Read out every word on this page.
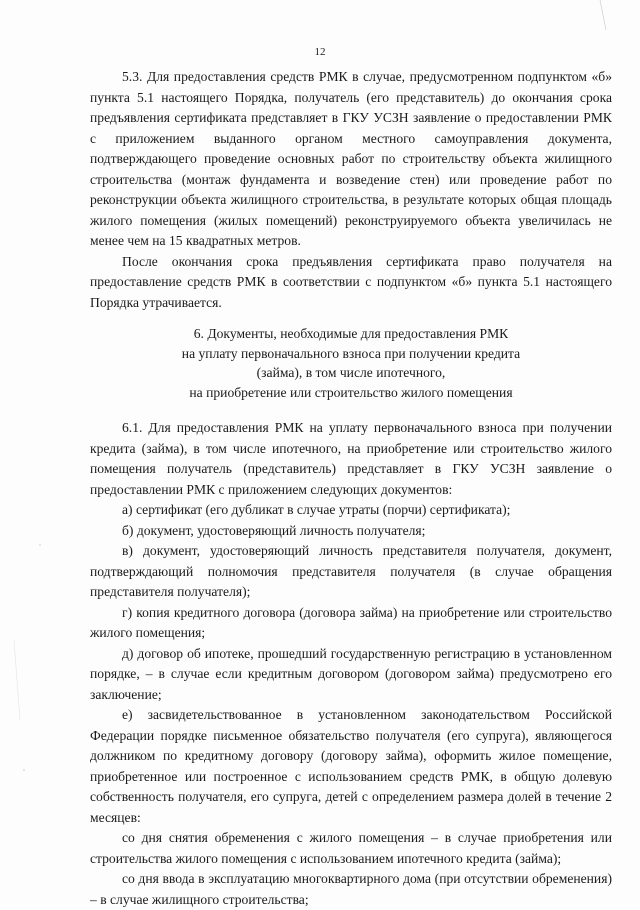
12

5.3. Для предоставления средств РМК в случае, предусмотренном подпунктом «б» пункта 5.1 настоящего Порядка, получатель (его представитель) до окончания срока предъявления сертификата представляет в ГКУ УСЗН заявление о предоставлении РМК с приложением выданного органом местного самоуправления документа, подтверждающего проведение основных работ по строительству объекта жилищного строительства (монтаж фундамента и возведение стен) или проведение работ по реконструкции объекта жилищного строительства, в результате которых общая площадь жилого помещения (жилых помещений) реконструируемого объекта увеличилась не менее чем на 15 квадратных метров.

После окончания срока предъявления сертификата право получателя на предоставление средств РМК в соответствии с подпунктом «б» пункта 5.1 настоящего Порядка утрачивается.

6. Документы, необходимые для предоставления РМК
на уплату первоначального взноса при получении кредита
(займа), в том числе ипотечного,
на приобретение или строительство жилого помещения

6.1. Для предоставления РМК на уплату первоначального взноса при получении кредита (займа), в том числе ипотечного, на приобретение или строительство жилого помещения получатель (представитель) представляет в ГКУ УСЗН заявление о предоставлении РМК с приложением следующих документов:

а) сертификат (его дубликат в случае утраты (порчи) сертификата);

б) документ, удостоверяющий личность получателя;

в) документ, удостоверяющий личность представителя получателя, документ, подтверждающий полномочия представителя получателя (в случае обращения представителя получателя);

г) копия кредитного договора (договора займа) на приобретение или строительство жилого помещения;

д) договор об ипотеке, прошедший государственную регистрацию в установленном порядке, – в случае если кредитным договором (договором займа) предусмотрено его заключение;

е) засвидетельствованное в установленном законодательством Российской Федерации порядке письменное обязательство получателя (его супруга), являющегося должником по кредитному договору (договору займа), оформить жилое помещение, приобретенное или построенное с использованием средств РМК, в общую долевую собственность получателя, его супруга, детей с определением размера долей в течение 2 месяцев:

со дня снятия обременения с жилого помещения – в случае приобретения или строительства жилого помещения с использованием ипотечного кредита (займа);

со дня ввода в эксплуатацию многоквартирного дома (при отсутствии обременения) – в случае жилищного строительства;
